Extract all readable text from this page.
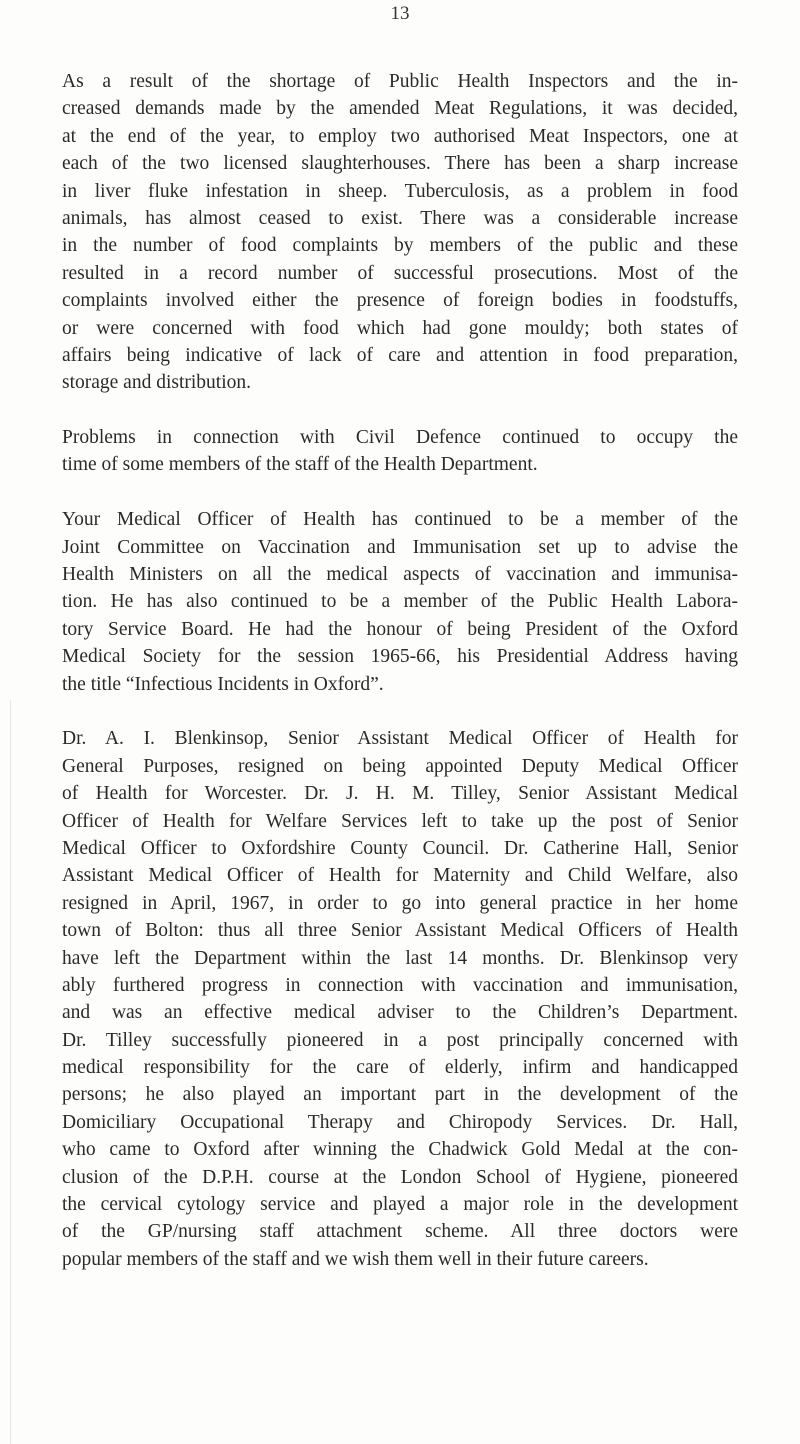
13
As a result of the shortage of Public Health Inspectors and the in-
creased demands made by the amended Meat Regulations, it was decided,
at the end of the year, to employ two authorised Meat Inspectors, one at
each of the two licensed slaughterhouses. There has been a sharp increase
in liver fluke infestation in sheep. Tuberculosis, as a problem in food
animals, has almost ceased to exist. There was a considerable increase
in the number of food complaints by members of the public and these
resulted in a record number of successful prosecutions. Most of the
complaints involved either the presence of foreign bodies in foodstuffs,
or were concerned with food which had gone mouldy; both states of
affairs being indicative of lack of care and attention in food preparation,
storage and distribution.
Problems in connection with Civil Defence continued to occupy the
time of some members of the staff of the Health Department.
Your Medical Officer of Health has continued to be a member of the
Joint Committee on Vaccination and Immunisation set up to advise the
Health Ministers on all the medical aspects of vaccination and immunisa-
tion. He has also continued to be a member of the Public Health Labora-
tory Service Board. He had the honour of being President of the Oxford
Medical Society for the session 1965-66, his Presidential Address having
the title “Infectious Incidents in Oxford”.
Dr. A. I. Blenkinsop, Senior Assistant Medical Officer of Health for
General Purposes, resigned on being appointed Deputy Medical Officer
of Health for Worcester. Dr. J. H. M. Tilley, Senior Assistant Medical
Officer of Health for Welfare Services left to take up the post of Senior
Medical Officer to Oxfordshire County Council. Dr. Catherine Hall, Senior
Assistant Medical Officer of Health for Maternity and Child Welfare, also
resigned in April, 1967, in order to go into general practice in her home
town of Bolton: thus all three Senior Assistant Medical Officers of Health
have left the Department within the last 14 months. Dr. Blenkinsop very
ably furthered progress in connection with vaccination and immunisation,
and was an effective medical adviser to the Children’s Department.
Dr. Tilley successfully pioneered in a post principally concerned with
medical responsibility for the care of elderly, infirm and handicapped
persons; he also played an important part in the development of the
Domiciliary Occupational Therapy and Chiropody Services. Dr. Hall,
who came to Oxford after winning the Chadwick Gold Medal at the con-
clusion of the D.P.H. course at the London School of Hygiene, pioneered
the cervical cytology service and played a major role in the development
of the GP/nursing staff attachment scheme. All three doctors were
popular members of the staff and we wish them well in their future careers.
